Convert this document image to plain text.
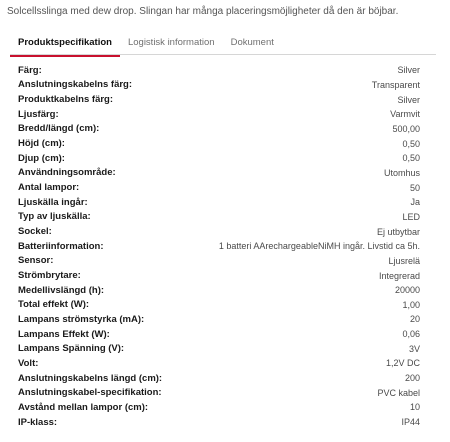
Solcellsslinga med dew drop. Slingan har många placeringsmöjligheter då den är böjbar.
Produktspecifikation	Logistisk information	Dokument
Färg:	Silver
Anslutningskabelns färg:	Transparent
Produktkabelns färg:	Silver
Ljusfärg:	Varmvit
Bredd/längd (cm):	500,00
Höjd (cm):	0,50
Djup (cm):	0,50
Användningsområde:	Utomhus
Antal lampor:	50
Ljuskälla ingår:	Ja
Typ av ljuskälla:	LED
Sockel:	Ej utbytbar
Batteriinformation:	1 batteri AArechargeableNiMH ingår. Livstid ca 5h.
Sensor:	Ljusrelä
Strömbrytare:	Integrerad
Medellivslängd (h):	20000
Total effekt (W):	1,00
Lampans strömstyrka (mA):	20
Lampans Effekt (W):	0,06
Lampans Spänning (V):	3V
Volt:	1,2V DC
Anslutningskabelns längd (cm):	200
Anslutningskabel-specifikation:	PVC kabel
Avstånd mellan lampor (cm):	10
IP-klass:	IP44
